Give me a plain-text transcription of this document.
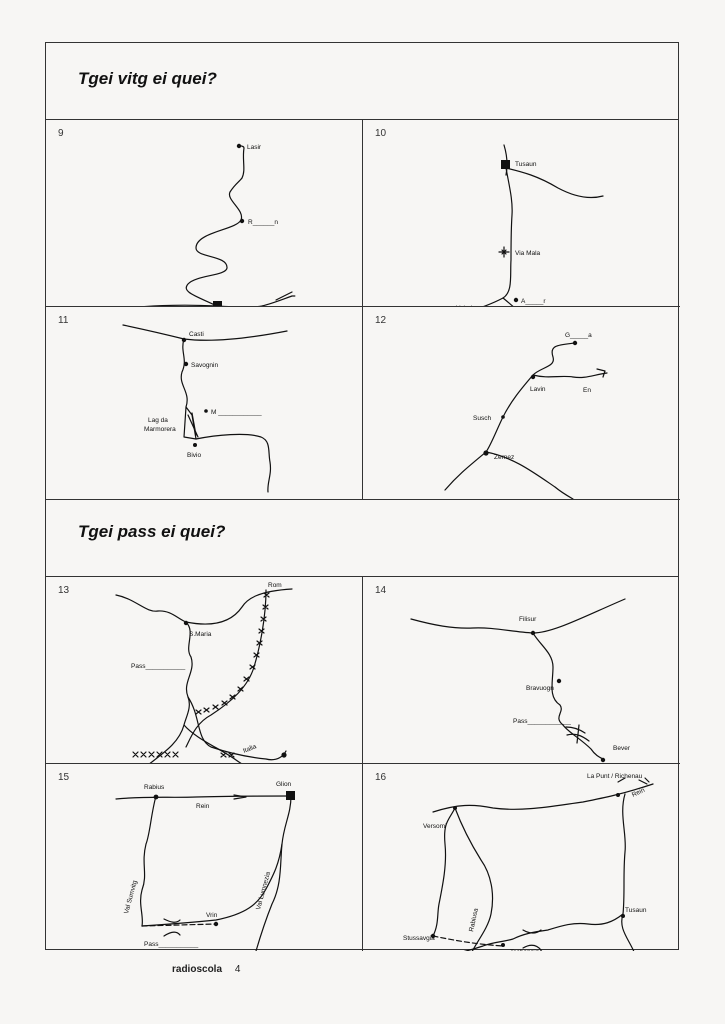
Tgei vitg ei quei?
9
Lasir
R______n
Glion
Rein
10
Tusaun
Via Mala
A_____r
Valrein
11
Casti
Savognin
Lag da
Marmorera
M ____________
Bivio
12
G_____a
Lavin	En
Susch
Zernez
Tgei pass ei quei?
13	Rom
S.Maria
Pass___________
Italia
Bormio
Trafoi
14
Filisur
Bravuogn
Pass____________
Bever
15
Rabius	Glion
Rein
Val Sumvitg	Val Lumnezia
Vrin
Pass___________
16	La Punt / Richenau
Rein
Versomi
Rabiusa	Tusaun
Stussavgia
Tschappina
Pass____________
radioscola 4
